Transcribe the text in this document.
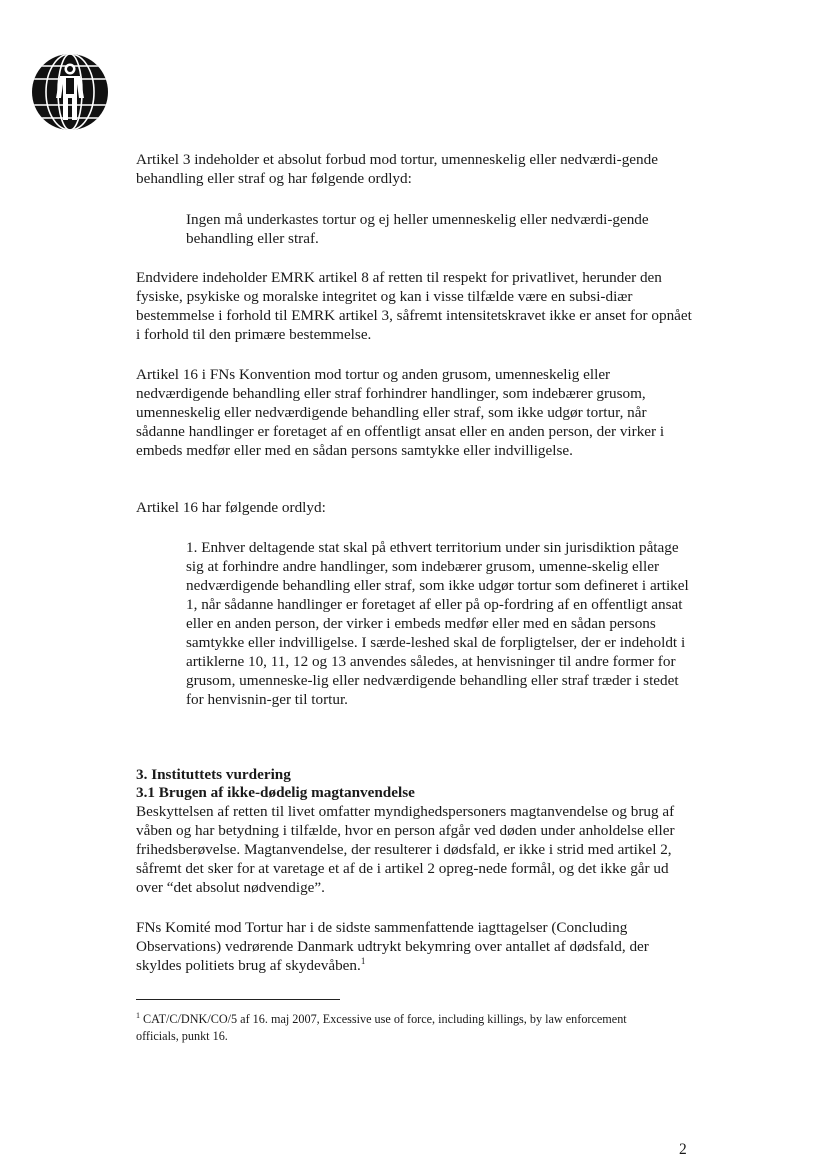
Artikel 3 indeholder et absolut forbud mod tortur, umenneskelig eller nedværdi-gende behandling eller straf og har følgende ordlyd:

Ingen må underkastes tortur og ej heller umenneskelig eller nedværdi-gende behandling eller straf.

Endvidere indeholder EMRK artikel 8 af retten til respekt for privatlivet, herunder den fysiske, psykiske og moralske integritet og kan i visse tilfælde være en subsi-diær bestemmelse i forhold til EMRK artikel 3, såfremt intensitetskravet ikke er anset for opnået i forhold til den primære bestemmelse.

Artikel 16 i FNs Konvention mod tortur og anden grusom, umenneskelig eller nedværdigende behandling eller straf forhindrer handlinger, som indebærer grusom, umenneskelig eller nedværdigende behandling eller straf, som ikke udgør tortur, når sådanne handlinger er foretaget af en offentligt ansat eller en anden person, der virker i embeds medfør eller med en sådan persons samtykke eller indvilligelse.

Artikel 16 har følgende ordlyd:

1. Enhver deltagende stat skal på ethvert territorium under sin jurisdiktion påtage sig at forhindre andre handlinger, som indebærer grusom, umenne-skelig eller nedværdigende behandling eller straf, som ikke udgør tortur som defineret i artikel 1, når sådanne handlinger er foretaget af eller på op-fordring af en offentligt ansat eller en anden person, der virker i embeds medfør eller med en sådan persons samtykke eller indvilligelse. I særde-leshed skal de forpligtelser, der er indeholdt i artiklerne 10, 11, 12 og 13 anvendes således, at henvisninger til andre former for grusom, umenneske-lig eller nedværdigende behandling eller straf træder i stedet for henvisnin-ger til tortur.

3. Instituttets vurdering
3.1 Brugen af ikke-dødelig magtanvendelse

Beskyttelsen af retten til livet omfatter myndighedspersoners magtanvendelse og brug af våben og har betydning i tilfælde, hvor en person afgår ved døden under anholdelse eller frihedsberøvelse. Magtanvendelse, der resulterer i dødsfald, er ikke i strid med artikel 2, såfremt det sker for at varetage et af de i artikel 2 opreg-nede formål, og det ikke går ud over “det absolut nødvendige”.

FNs Komité mod Tortur har i de sidste sammenfattende iagttagelser (Concluding Observations) vedrørende Danmark udtrykt bekymring over antallet af dødsfald, der skyldes politiets brug af skydevåben.$^1$

$^1$ CAT/C/DNK/CO/5 af 16. maj 2007, Excessive use of force, including killings, by law enforcement officials, punkt 16.
2
